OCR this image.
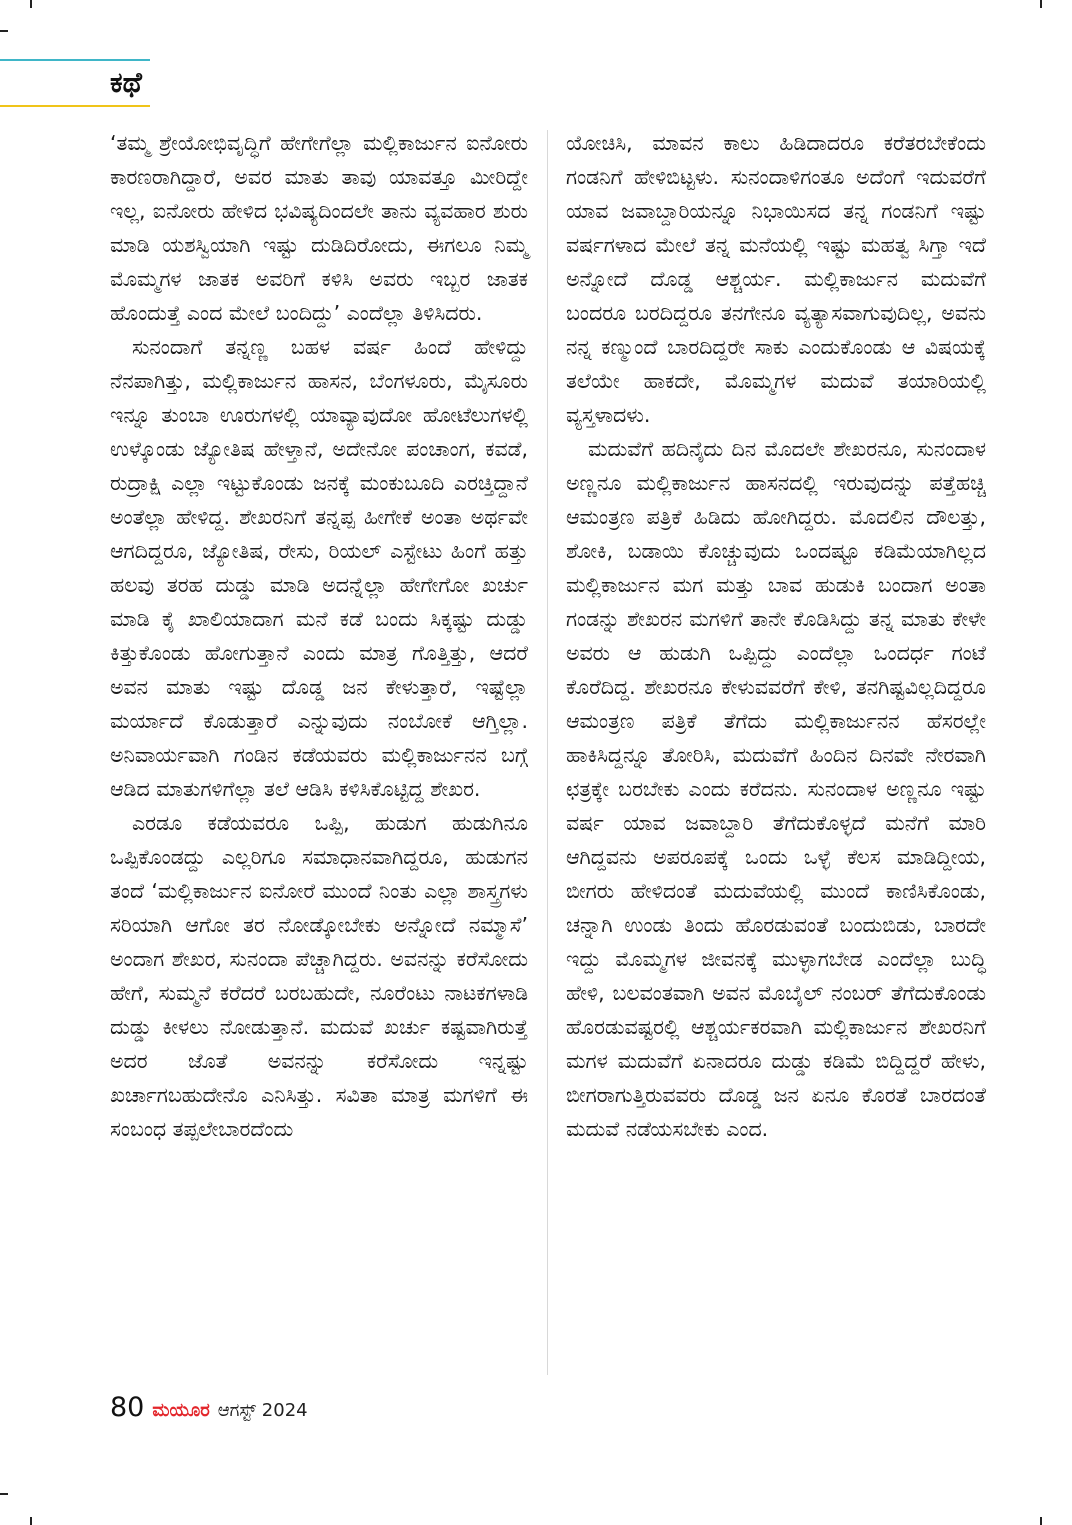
ಕಥೆ

‘ತಮ್ಮ ಶ್ರೇಯೋಭಿವೃದ್ಧಿಗೆ ಹೇಗೇಗೆಲ್ಲಾ ಮಲ್ಲಿಕಾರ್ಜುನ ಐನೋರು ಕಾರಣರಾಗಿದ್ದಾರೆ, ಅವರ ಮಾತು ತಾವು ಯಾವತ್ತೂ ಮೀರಿದ್ದೇ ಇಲ್ಲ, ಐನೋರು ಹೇಳಿದ ಭವಿಷ್ಯದಿಂದಲೇ ತಾನು ವ್ಯವಹಾರ ಶುರು ಮಾಡಿ ಯಶಸ್ವಿಯಾಗಿ ಇಷ್ಟು ದುಡಿದಿರೋದು, ಈಗಲೂ ನಿಮ್ಮ ಮೊಮ್ಮಗಳ ಜಾತಕ ಅವರಿಗೆ ಕಳಿಸಿ ಅವರು ಇಬ್ಬರ ಜಾತಕ ಹೊಂದುತ್ತೆ ಎಂದ ಮೇಲೆ ಬಂದಿದ್ದು’ ಎಂದೆಲ್ಲಾ ತಿಳಿಸಿದರು.

ಸುನಂದಾಗೆ ತನ್ನಣ್ಣ ಬಹಳ ವರ್ಷ ಹಿಂದೆ ಹೇಳಿದ್ದು ನೆನಪಾಗಿತ್ತು, ಮಲ್ಲಿಕಾರ್ಜುನ ಹಾಸನ, ಬೆಂಗಳೂರು, ಮೈಸೂರು ಇನ್ನೂ ತುಂಬಾ ಊರುಗಳಲ್ಲಿ ಯಾವ್ಯಾವುದೋ ಹೋಟೆಲುಗಳಲ್ಲಿ ಉಳ್ಕೊಂಡು ಜ್ಯೋತಿಷ ಹೇಳ್ತಾನೆ, ಅದೇನೋ ಪಂಚಾಂಗ, ಕವಡೆ, ರುದ್ರಾಕ್ಷಿ ಎಲ್ಲಾ ಇಟ್ಟುಕೊಂಡು ಜನಕ್ಕೆ ಮಂಕುಬೂದಿ ಎರಚ್ತಿದ್ದಾನೆ ಅಂತೆಲ್ಲಾ ಹೇಳಿದ್ದ. ಶೇಖರನಿಗೆ ತನ್ನಪ್ಪ ಹೀಗೇಕೆ ಅಂತಾ ಅರ್ಥವೇ ಆಗದಿದ್ದರೂ, ಜ್ಯೋತಿಷ, ರೇಸು, ರಿಯಲ್ ಎಸ್ಟೇಟು ಹಿಂಗೆ ಹತ್ತು ಹಲವು ತರಹ ದುಡ್ಡು ಮಾಡಿ ಅದನ್ನೆಲ್ಲಾ ಹೇಗೇಗೋ ಖರ್ಚು ಮಾಡಿ ಕೈ ಖಾಲಿಯಾದಾಗ ಮನೆ ಕಡೆ ಬಂದು ಸಿಕ್ಕಷ್ಟು ದುಡ್ಡು ಕಿತ್ತುಕೊಂಡು ಹೋಗುತ್ತಾನೆ ಎಂದು ಮಾತ್ರ ಗೊತ್ತಿತ್ತು, ಆದರೆ ಅವನ ಮಾತು ಇಷ್ಟು ದೊಡ್ಡ ಜನ ಕೇಳುತ್ತಾರೆ, ಇಷ್ಟೆಲ್ಲಾ ಮರ್ಯಾದೆ ಕೊಡುತ್ತಾರೆ ಎನ್ನುವುದು ನಂಬೋಕೆ ಆಗ್ತಿಲ್ಲಾ. ಅನಿವಾರ್ಯವಾಗಿ ಗಂಡಿನ ಕಡೆಯವರು ಮಲ್ಲಿಕಾರ್ಜುನನ ಬಗ್ಗೆ ಆಡಿದ ಮಾತುಗಳಿಗೆಲ್ಲಾ ತಲೆ ಆಡಿಸಿ ಕಳಿಸಿಕೊಟ್ಟಿದ್ದ ಶೇಖರ.

ಎರಡೂ ಕಡೆಯವರೂ ಒಪ್ಪಿ, ಹುಡುಗ ಹುಡುಗಿನೂ ಒಪ್ಪಿಕೊಂಡದ್ದು ಎಲ್ಲರಿಗೂ ಸಮಾಧಾನವಾಗಿದ್ದರೂ, ಹುಡುಗನ ತಂದೆ ‘ಮಲ್ಲಿಕಾರ್ಜುನ ಐನೋರೆ ಮುಂದೆ ನಿಂತು ಎಲ್ಲಾ ಶಾಸ್ತ್ರಗಳು ಸರಿಯಾಗಿ ಆಗೋ ತರ ನೋಡ್ಕೋಬೇಕು ಅನ್ನೋದೆ ನಮ್ಮಾಸೆ’ ಅಂದಾಗ ಶೇಖರ, ಸುನಂದಾ ಪೆಚ್ಚಾಗಿದ್ದರು. ಅವನನ್ನು ಕರೆಸೋದು ಹೇಗೆ, ಸುಮ್ಮನೆ ಕರೆದರೆ ಬರಬಹುದೇ, ನೂರೆಂಟು ನಾಟಕಗಳಾಡಿ ದುಡ್ಡು ಕೀಳಲು ನೋಡುತ್ತಾನೆ. ಮದುವೆ ಖರ್ಚು ಕಷ್ಟವಾಗಿರುತ್ತೆ ಅದರ ಜೊತೆ ಅವನನ್ನು ಕರೆಸೋದು ಇನ್ನಷ್ಟು ಖರ್ಚಾಗಬಹುದೇನೊ ಎನಿಸಿತ್ತು. ಸವಿತಾ ಮಾತ್ರ ಮಗಳಿಗೆ ಈ ಸಂಬಂಧ ತಪ್ಪಲೇಬಾರದೆಂದು

ಯೋಚಿಸಿ, ಮಾವನ ಕಾಲು ಹಿಡಿದಾದರೂ ಕರೆತರಬೇಕೆಂದು ಗಂಡನಿಗೆ ಹೇಳಿಬಿಟ್ಟಳು. ಸುನಂದಾಳಿಗಂತೂ ಅದೆಂಗೆ ಇದುವರೆಗೆ ಯಾವ ಜವಾಬ್ದಾರಿಯನ್ನೂ ನಿಭಾಯಿಸದ ತನ್ನ ಗಂಡನಿಗೆ ಇಷ್ಟು ವರ್ಷಗಳಾದ ಮೇಲೆ ತನ್ನ ಮನೆಯಲ್ಲಿ ಇಷ್ಟು ಮಹತ್ವ ಸಿಗ್ತಾ ಇದೆ ಅನ್ನೋದೆ ದೊಡ್ಡ ಆಶ್ಚರ್ಯ. ಮಲ್ಲಿಕಾರ್ಜುನ ಮದುವೆಗೆ ಬಂದರೂ ಬರದಿದ್ದರೂ ತನಗೇನೂ ವ್ಯತ್ಯಾಸವಾಗುವುದಿಲ್ಲ, ಅವನು ನನ್ನ ಕಣ್ಮುಂದೆ ಬಾರದಿದ್ದರೇ ಸಾಕು ಎಂದುಕೊಂಡು ಆ ವಿಷಯಕ್ಕೆ ತಲೆಯೇ ಹಾಕದೇ, ಮೊಮ್ಮಗಳ ಮದುವೆ ತಯಾರಿಯಲ್ಲಿ ವ್ಯಸ್ತಳಾದಳು.

ಮದುವೆಗೆ ಹದಿನೈದು ದಿನ ಮೊದಲೇ ಶೇಖರನೂ, ಸುನಂದಾಳ ಅಣ್ಣನೂ ಮಲ್ಲಿಕಾರ್ಜುನ ಹಾಸನದಲ್ಲಿ ಇರುವುದನ್ನು ಪತ್ತೆಹಚ್ಚಿ ಆಮಂತ್ರಣ ಪತ್ರಿಕೆ ಹಿಡಿದು ಹೋಗಿದ್ದರು. ಮೊದಲಿನ ದೌಲತ್ತು, ಶೋಕಿ, ಬಡಾಯಿ ಕೊಚ್ಚುವುದು ಒಂದಷ್ಟೂ ಕಡಿಮೆಯಾಗಿಲ್ಲದ ಮಲ್ಲಿಕಾರ್ಜುನ ಮಗ ಮತ್ತು ಬಾವ ಹುಡುಕಿ ಬಂದಾಗ ಅಂತಾ ಗಂಡನ್ನು ಶೇಖರನ ಮಗಳಿಗೆ ತಾನೇ ಕೊಡಿಸಿದ್ದು ತನ್ನ ಮಾತು ಕೇಳೇ ಅವರು ಆ ಹುಡುಗಿ ಒಪ್ಪಿದ್ದು ಎಂದೆಲ್ಲಾ ಒಂದರ್ಧ ಗಂಟೆ ಕೊರೆದಿದ್ದ. ಶೇಖರನೂ ಕೇಳುವವರೆಗೆ ಕೇಳಿ, ತನಗಿಷ್ಟವಿಲ್ಲದಿದ್ದರೂ ಆಮಂತ್ರಣ ಪತ್ರಿಕೆ ತೆಗೆದು ಮಲ್ಲಿಕಾರ್ಜುನನ ಹೆಸರಲ್ಲೇ ಹಾಕಿಸಿದ್ದನ್ನೂ ತೋರಿಸಿ, ಮದುವೆಗೆ ಹಿಂದಿನ ದಿನವೇ ನೇರವಾಗಿ ಛತ್ರಕ್ಕೇ ಬರಬೇಕು ಎಂದು ಕರೆದನು. ಸುನಂದಾಳ ಅಣ್ಣನೂ ಇಷ್ಟು ವರ್ಷ ಯಾವ ಜವಾಬ್ದಾರಿ ತೆಗೆದುಕೊಳ್ಳದೆ ಮನೆಗೆ ಮಾರಿ ಆಗಿದ್ದವನು ಅಪರೂಪಕ್ಕೆ ಒಂದು ಒಳ್ಳೆ ಕೆಲಸ ಮಾಡಿದ್ದೀಯ, ಬೀಗರು ಹೇಳಿದಂತೆ ಮದುವೆಯಲ್ಲಿ ಮುಂದೆ ಕಾಣಿಸಿಕೊಂಡು, ಚನ್ನಾಗಿ ಉಂಡು ತಿಂದು ಹೊರಡುವಂತೆ ಬಂದುಬಿಡು, ಬಾರದೇ ಇದ್ದು ಮೊಮ್ಮಗಳ ಜೀವನಕ್ಕೆ ಮುಳ್ಳಾಗಬೇಡ ಎಂದೆಲ್ಲಾ ಬುದ್ಧಿ ಹೇಳಿ, ಬಲವಂತವಾಗಿ ಅವನ ಮೊಬೈಲ್ ನಂಬರ್ ತೆಗೆದುಕೊಂಡು ಹೊರಡುವಷ್ಟರಲ್ಲಿ ಆಶ್ಚರ್ಯಕರವಾಗಿ ಮಲ್ಲಿಕಾರ್ಜುನ ಶೇಖರನಿಗೆ ಮಗಳ ಮದುವೆಗೆ ಏನಾದರೂ ದುಡ್ಡು ಕಡಿಮೆ ಬಿದ್ದಿದ್ದರೆ ಹೇಳು, ಬೀಗರಾಗುತ್ತಿರುವವರು ದೊಡ್ಡ ಜನ ಏನೂ ಕೊರತೆ ಬಾರದಂತೆ ಮದುವೆ ನಡೆಯಸಬೇಕು ಎಂದ.

80 ಮಯೂರ ಆಗಸ್ಟ್ 2024
